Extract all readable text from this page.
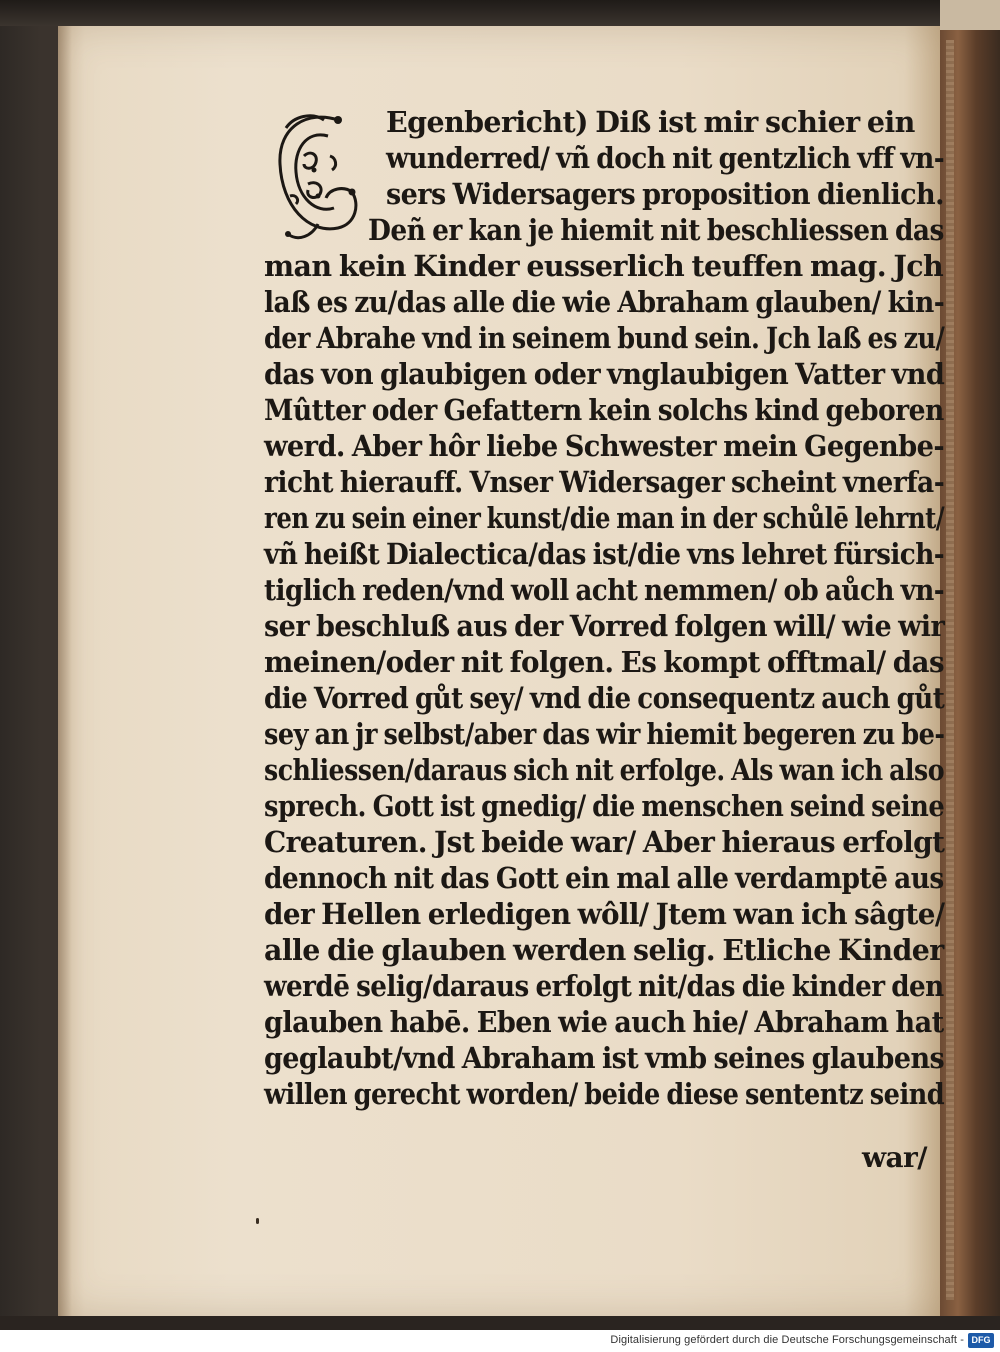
Egenbericht) Diß ist mir schier ein
wunderred/ vñ doch nit gentzlich vff vn-
sers Widersagers proposition dienlich.
Deñ er kan je hiemit nit beschliessen das
man kein Kinder eusserlich teuffen mag. Jch
laß es zu/das alle die wie Abraham glauben/ kin-
der Abrahe vnd in seinem bund sein. Jch laß es zu/
das von glaubigen oder vnglaubigen Vatter vnd
Mûtter oder Gefattern kein solchs kind geboren
werd. Aber hôr liebe Schwester mein Gegenbe-
richt hierauff. Vnser Widersager scheint vnerfa-
ren zu sein einer kunst/die man in der schůlē lehrnt/
vñ heißt Dialectica/das ist/die vns lehret fürsich-
tiglich reden/vnd woll acht nemmen/ ob aůch vn-
ser beschluß aus der Vorred folgen will/ wie wir
meinen/oder nit folgen. Es kompt offtmal/ das
die Vorred gůt sey/ vnd die consequentz auch gůt
sey an jr selbst/aber das wir hiemit begeren zu be-
schliessen/daraus sich nit erfolge. Als wan ich also
sprech. Gott ist gnedig/ die menschen seind seine
Creaturen. Jst beide war/ Aber hieraus erfolgt
dennoch nit das Gott ein mal alle verdamptē aus
der Hellen erledigen wôll/ Jtem wan ich sâgte/
alle die glauben werden selig. Etliche Kinder
werdē selig/daraus erfolgt nit/das die kinder den
glauben habē. Eben wie auch hie/ Abraham hat
geglaubt/vnd Abraham ist vmb seines glaubens
willen gerecht worden/ beide diese sententz seind
war/
Digitalisierung gefördert durch die Deutsche Forschungsgemeinschaft - DFG
